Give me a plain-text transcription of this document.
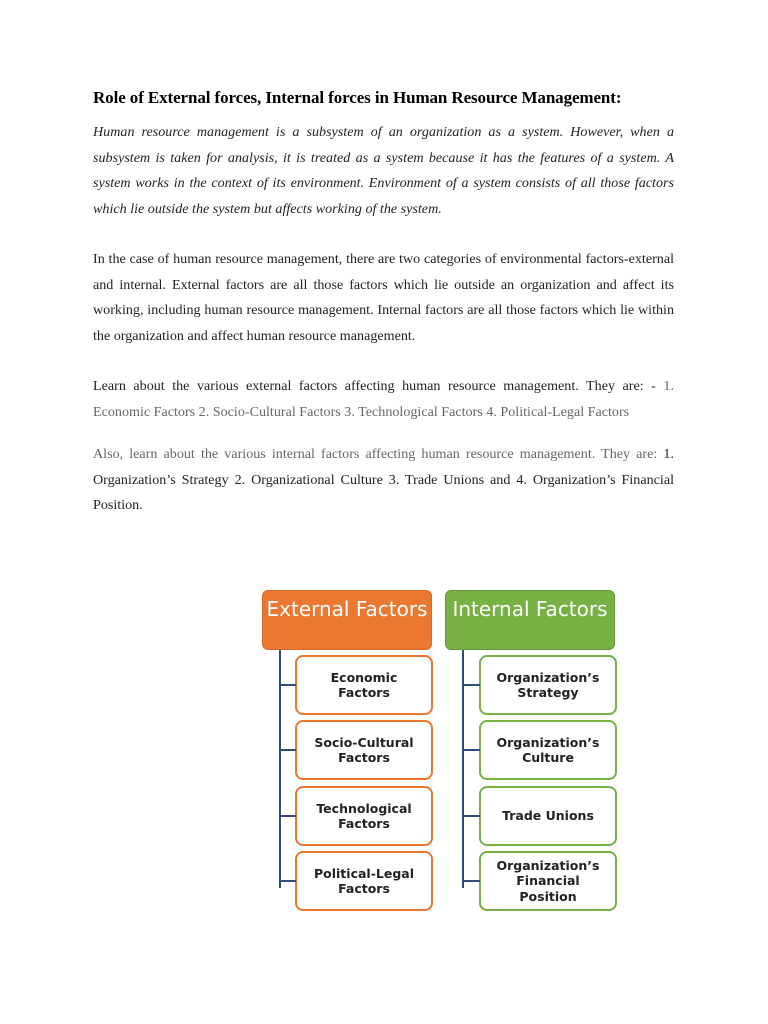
Role of External forces, Internal forces in Human Resource Management:

Human resource management is a subsystem of an organization as a system. However, when a subsystem is taken for analysis, it is treated as a system because it has the features of a system. A system works in the context of its environment. Environment of a system consists of all those factors which lie outside the system but affects working of the system.

In the case of human resource management, there are two categories of environmental factors-external and internal. External factors are all those factors which lie outside an organization and affect its working, including human resource management. Internal factors are all those factors which lie within the organization and affect human resource management.

Learn about the various external factors affecting human resource management. They are: - 1. Economic Factors 2. Socio-Cultural Factors 3. Technological Factors 4. Political-Legal Factors

Also, learn about the various internal factors affecting human resource management. They are: 1. Organization’s Strategy 2. Organizational Culture 3. Trade Unions and 4. Organization’s Financial Position.

External Factors	Internal Factors
Economic Factors
Socio-Cultural Factors
Technological Factors
Political-Legal Factors
Organization’s Strategy
Organization’s Culture
Trade Unions
Organization’s Financial Position
